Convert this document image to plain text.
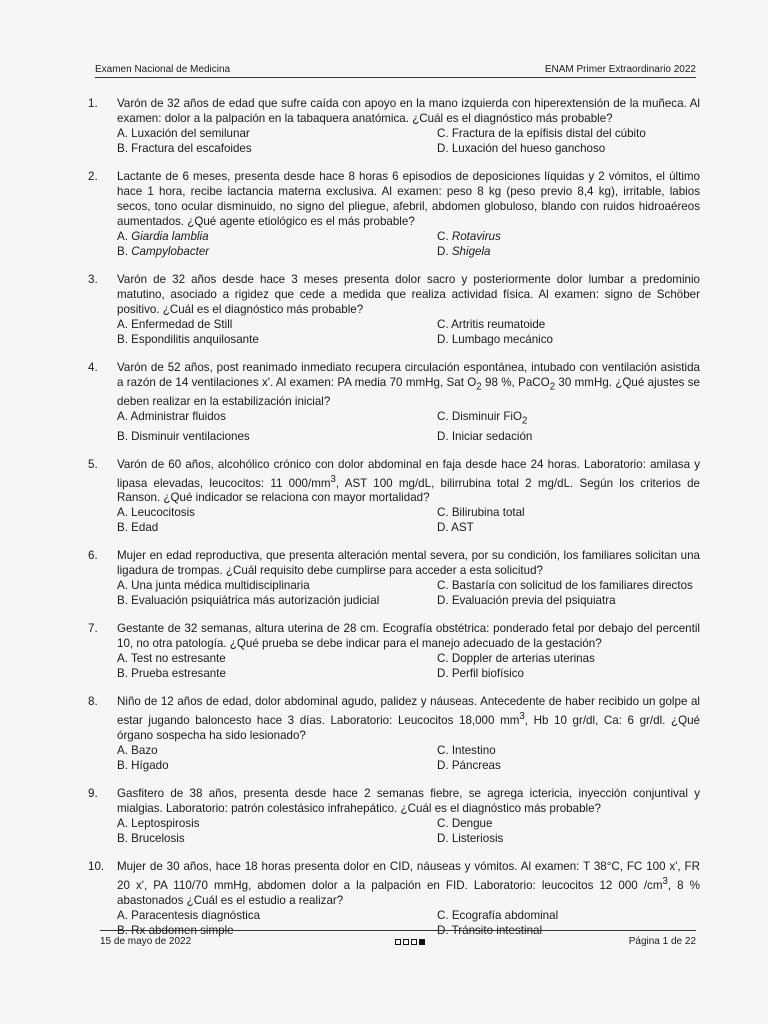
Examen Nacional de Medicina	ENAM Primer Extraordinario 2022
1.	Varón de 32 años de edad que sufre caída con apoyo en la mano izquierda con hiperextensión de la muñeca. Al examen: dolor a la palpación en la tabaquera anatómica. ¿Cuál es el diagnóstico más probable?
A. Luxación del semilunar	C. Fractura de la epífisis distal del cúbito
B. Fractura del escafoides	D. Luxación del hueso ganchoso
2.	Lactante de 6 meses, presenta desde hace 8 horas 6 episodios de deposiciones líquidas y 2 vómitos, el último hace 1 hora, recibe lactancia materna exclusiva. Al examen: peso 8 kg (peso previo 8,4 kg), irritable, labios secos, tono ocular disminuido, no signo del pliegue, afebril, abdomen globuloso, blando con ruidos hidroaéreos aumentados. ¿Qué agente etiológico es el más probable?
A. Giardia lamblia	C. Rotavirus
B. Campylobacter	D. Shigela
3.	Varón de 32 años desde hace 3 meses presenta dolor sacro y posteriormente dolor lumbar a predominio matutino, asociado a rigidez que cede a medida que realiza actividad física. Al examen: signo de Schöber positivo. ¿Cuál es el diagnóstico más probable?
A. Enfermedad de Still	C. Artritis reumatoide
B. Espondilitis anquilosante	D. Lumbago mecánico
4.	Varón de 52 años, post reanimado inmediato recupera circulación espontánea, intubado con ventilación asistida a razón de 14 ventilaciones x'. Al examen: PA media 70 mmHg, Sat $O_2$ 98 %, PaCO$_2$ 30 mmHg. ¿Qué ajustes se deben realizar en la estabilización inicial?
A. Administrar fluidos	C. Disminuir FiO$_2$
B. Disminuir ventilaciones	D. Iniciar sedación
5.	Varón de 60 años, alcohólico crónico con dolor abdominal en faja desde hace 24 horas. Laboratorio: amilasa y lipasa elevadas, leucocitos: 11 $000/mm^3$, AST 100 mg/dL, bilirrubina total 2 mg/dL. Según los criterios de Ranson. ¿Qué indicador se relaciona con mayor mortalidad?
A. Leucocitosis	C. Bilirubina total
B. Edad	D. AST
6.	Mujer en edad reproductiva, que presenta alteración mental severa, por su condición, los familiares solicitan una ligadura de trompas. ¿Cuál requisito debe cumplirse para acceder a esta solicitud?
A. Una junta médica multidisciplinaria	C. Bastaría con solicitud de los familiares directos
B. Evaluación psiquiátrica más autorización judicial	D. Evaluación previa del psiquiatra
7.	Gestante de 32 semanas, altura uterina de 28 cm. Ecografía obstétrica: ponderado fetal por debajo del percentil 10, no otra patología. ¿Qué prueba se debe indicar para el manejo adecuado de la gestación?
A. Test no estresante	C. Doppler de arterias uterinas
B. Prueba estresante	D. Perfil biofísico
8.	Niño de 12 años de edad, dolor abdominal agudo, palidez y náuseas. Antecedente de haber recibido un golpe al estar jugando baloncesto hace 3 días. Laboratorio: Leucocitos 18,000 $mm^3$, Hb 10 gr/dl, Ca: 6 gr/dl. ¿Qué órgano sospecha ha sido lesionado?
A. Bazo	C. Intestino
B. Hígado	D. Páncreas
9.	Gasfitero de 38 años, presenta desde hace 2 semanas fiebre, se agrega ictericia, inyección conjuntival y mialgias. Laboratorio: patrón colestásico infrahepático. ¿Cuál es el diagnóstico más probable?
A. Leptospirosis	C. Dengue
B. Brucelosis	D. Listeriosis
10.	Mujer de 30 años, hace 18 horas presenta dolor en CID, náuseas y vómitos. Al examen: T 38°C, FC 100 x', FR 20 x', PA 110/70 mmHg, abdomen dolor a la palpación en FID. Laboratorio: leucocitos 12 000 $/cm^3$, 8 % abastonados ¿Cuál es el estudio a realizar?
A. Paracentesis diagnóstica	C. Ecografía abdominal
B. Rx abdomen simple	D. Tránsito intestinal
15 de mayo de 2022	Página 1 de 22
